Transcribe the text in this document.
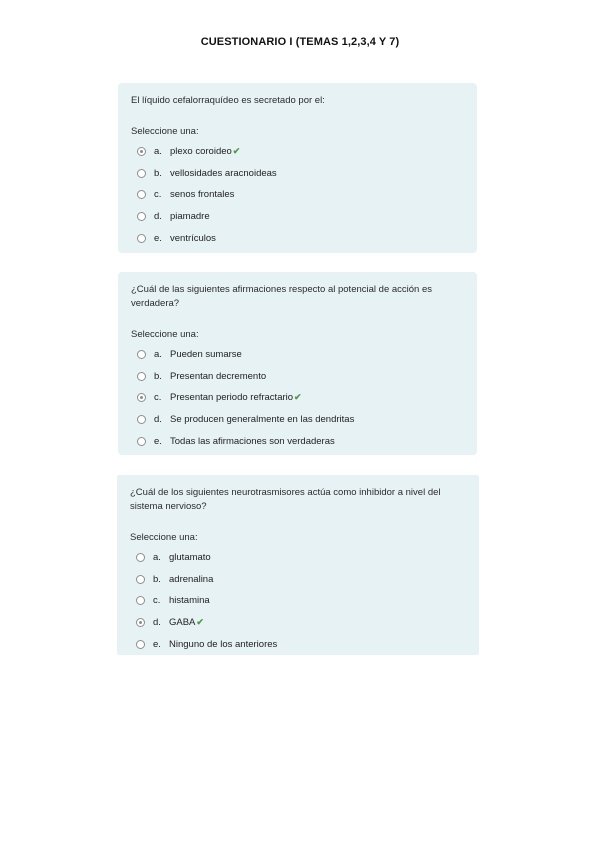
CUESTIONARIO I (TEMAS 1,2,3,4 Y 7)
El líquido cefalorraquídeo es secretado por el:
Seleccione una:
a. plexo coroideo ✔
b. vellosidades aracnoideas
c. senos frontales
d. piamadre
e. ventrículos
¿Cuál de las siguientes afirmaciones respecto al potencial de acción es verdadera?
Seleccione una:
a. Pueden sumarse
b. Presentan decremento
c. Presentan periodo refractario ✔
d. Se producen generalmente en las dendritas
e. Todas las afirmaciones son verdaderas
¿Cuál de los siguientes neurotrasmisores actúa como inhibidor a nivel del sistema nervioso?
Seleccione una:
a. glutamato
b. adrenalina
c. histamina
d. GABA ✔
e. Ninguno de los anteriores
